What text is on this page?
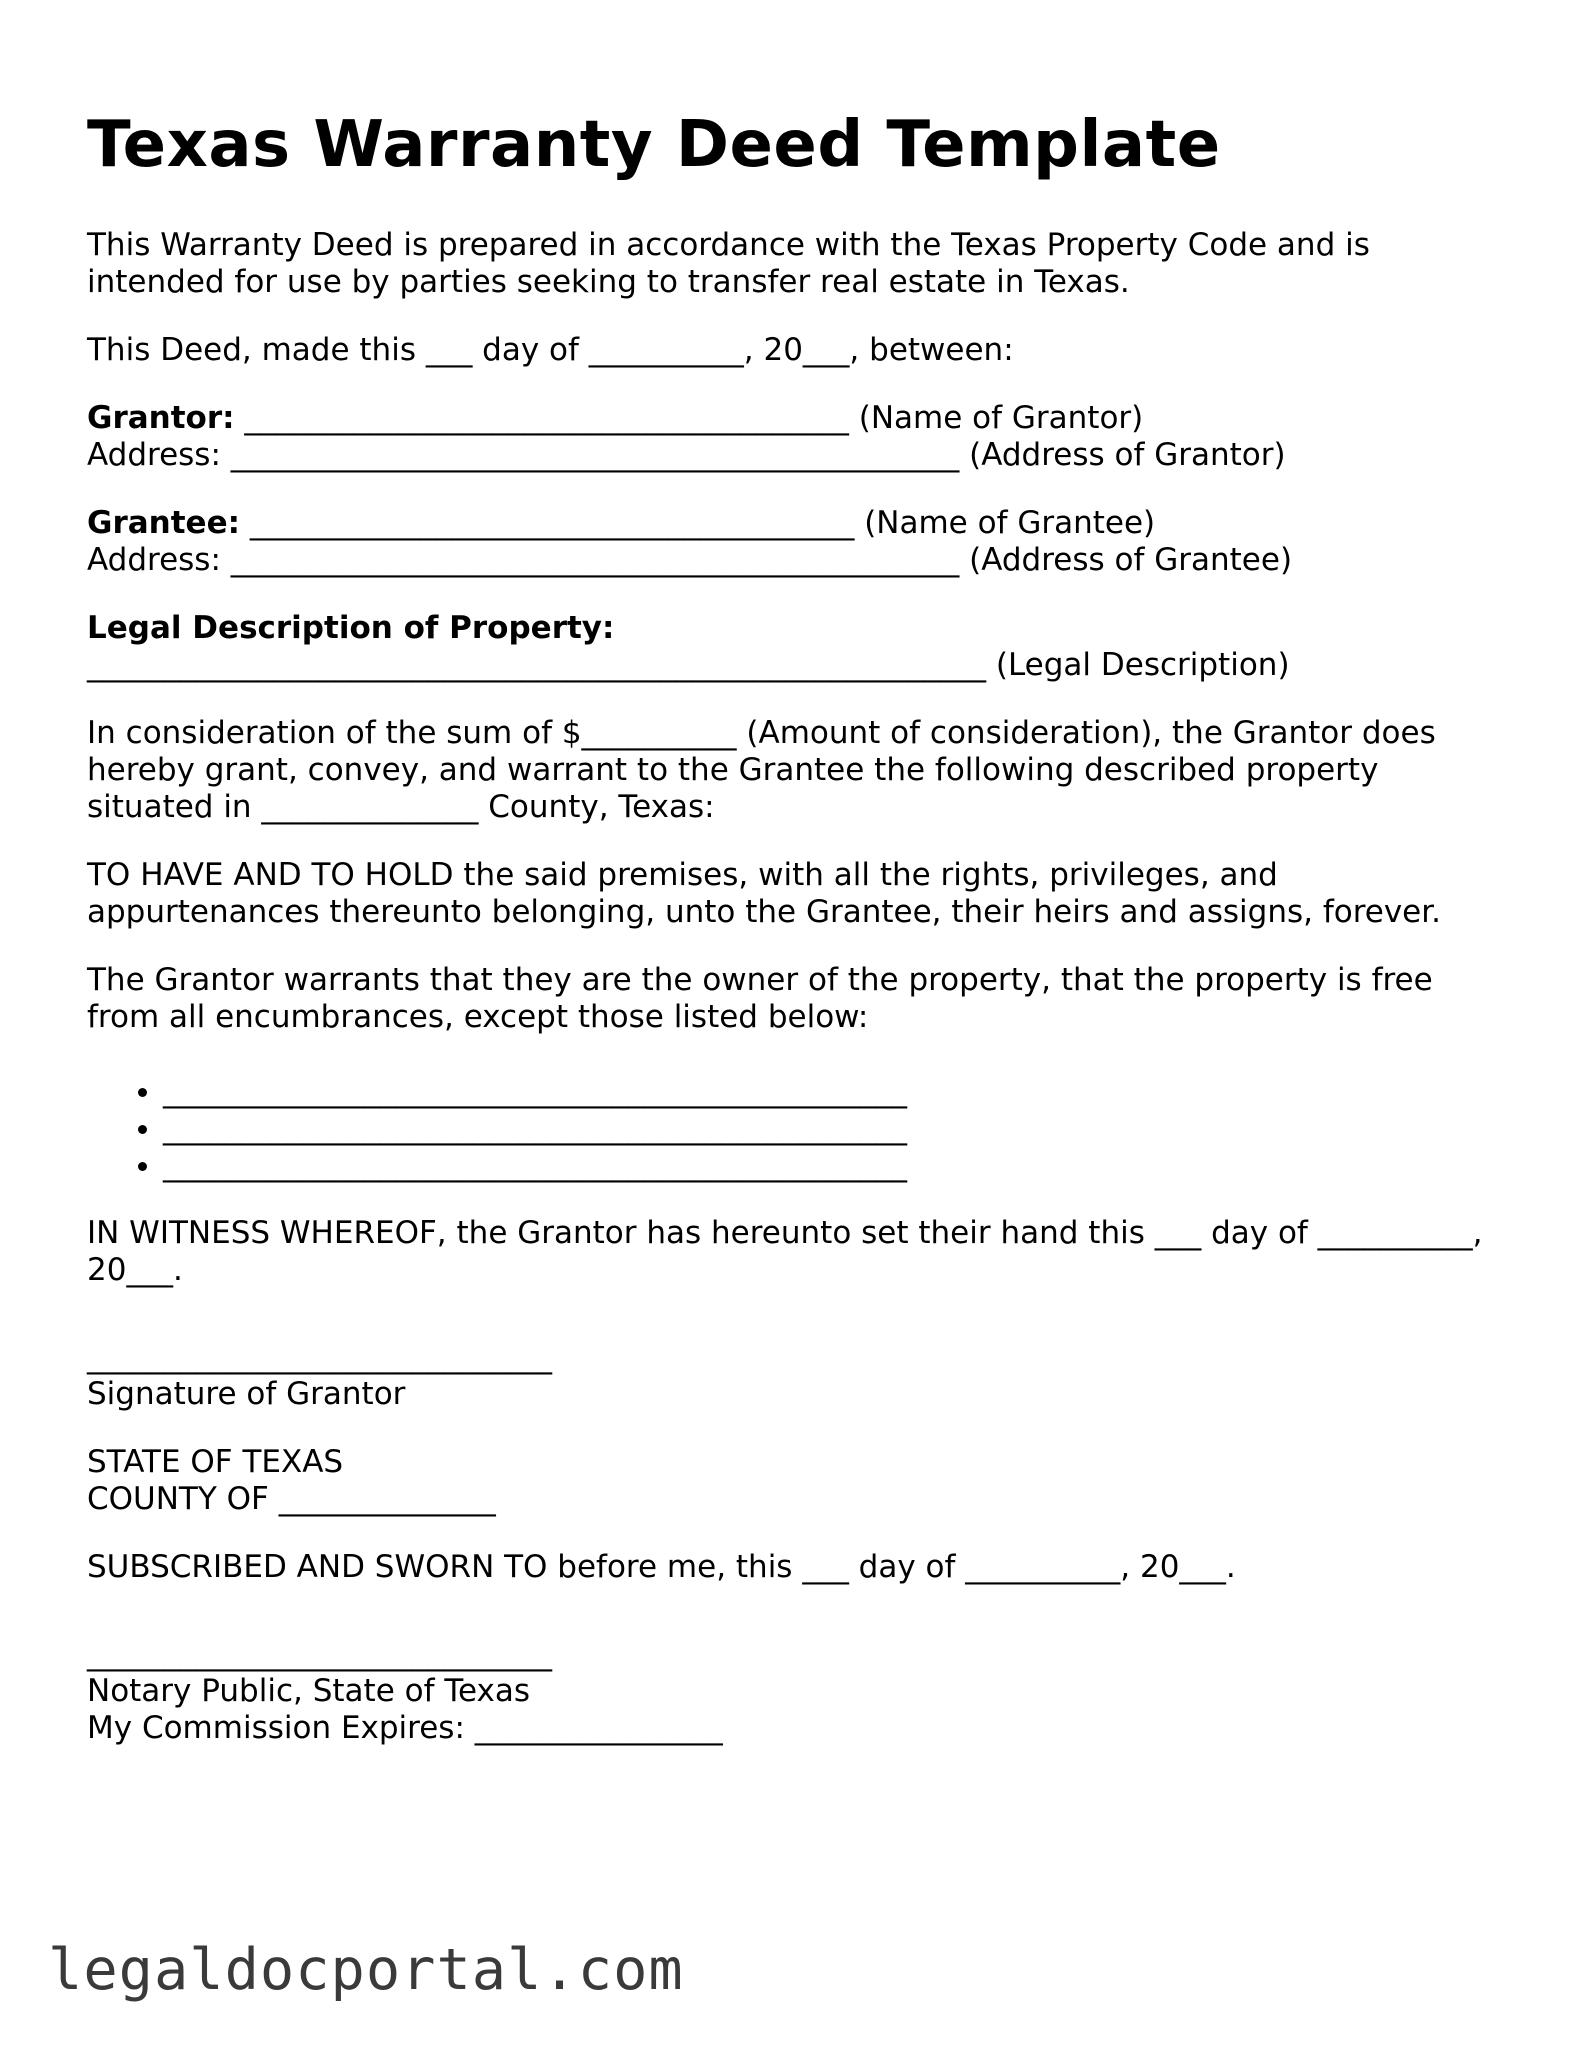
Texas Warranty Deed Template

This Warranty Deed is prepared in accordance with the Texas Property Code and is intended for use by parties seeking to transfer real estate in Texas.

This Deed, made this ___ day of __________, 20___, between:

Grantor: _______________________________________ (Name of Grantor)
Address: _______________________________________________ (Address of Grantor)

Grantee: _______________________________________ (Name of Grantee)
Address: _______________________________________________ (Address of Grantee)

Legal Description of Property:
__________________________________________________________ (Legal Description)

In consideration of the sum of $__________ (Amount of consideration), the Grantor does hereby grant, convey, and warrant to the Grantee the following described property situated in ______________ County, Texas:

TO HAVE AND TO HOLD the said premises, with all the rights, privileges, and appurtenances thereunto belonging, unto the Grantee, their heirs and assigns, forever.

The Grantor warrants that they are the owner of the property, that the property is free from all encumbrances, except those listed below:

• ________________________________________________
• ________________________________________________
• ________________________________________________

IN WITNESS WHEREOF, the Grantor has hereunto set their hand this ___ day of __________, 20___.

______________________________
Signature of Grantor

STATE OF TEXAS
COUNTY OF ______________

SUBSCRIBED AND SWORN TO before me, this ___ day of __________, 20___.

______________________________
Notary Public, State of Texas
My Commission Expires: ________________

legaldocportal.com
